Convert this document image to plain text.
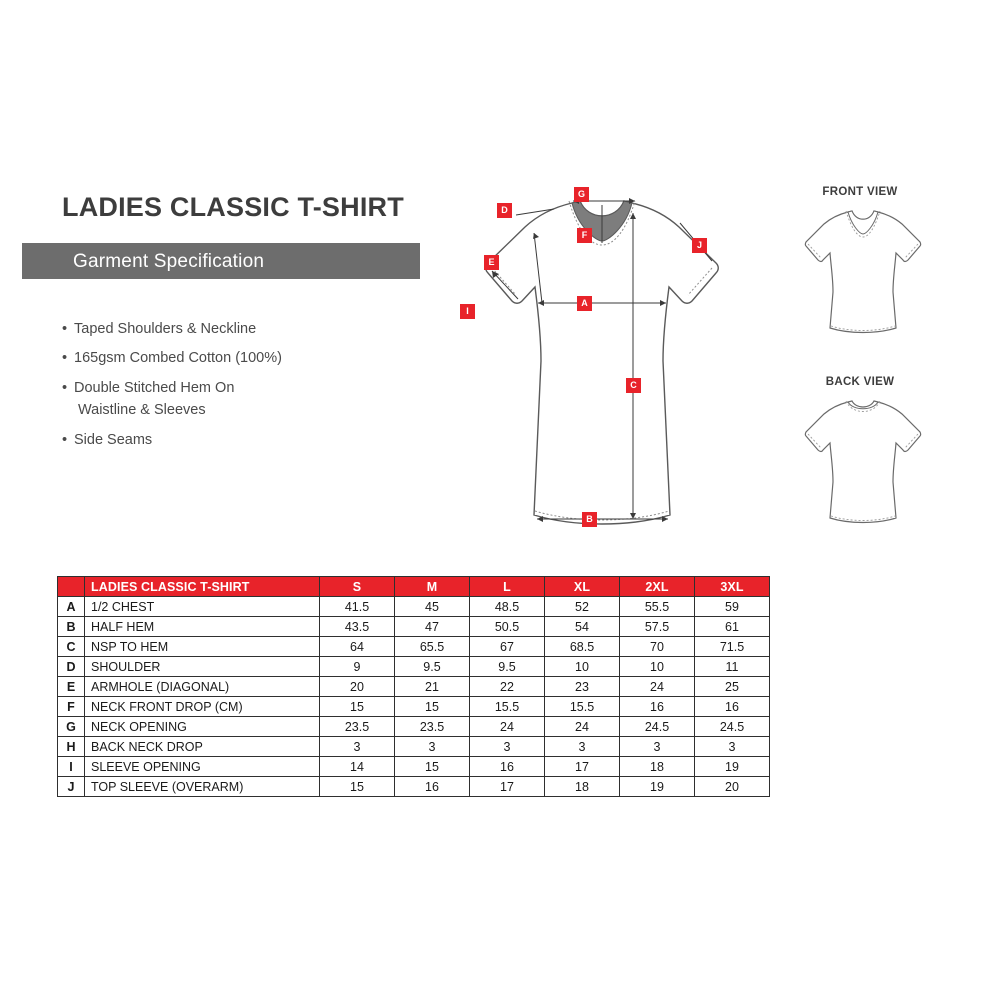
LADIES CLASSIC T-SHIRT
Garment Specification
• Taped Shoulders & Neckline
• 165gsm Combed Cotton (100%)
• Double Stitched Hem On
Waistline & Sleeves
• Side Seams
A
B
C
D
E
F
G
I
J
FRONT VIEW
BACK VIEW
	LADIES CLASSIC T-SHIRT	S	M	L	XL	2XL	3XL
A	1/2 CHEST	41.5	45	48.5	52	55.5	59
B	HALF HEM	43.5	47	50.5	54	57.5	61
C	NSP TO HEM	64	65.5	67	68.5	70	71.5
D	SHOULDER	9	9.5	9.5	10	10	11
E	ARMHOLE (DIAGONAL)	20	21	22	23	24	25
F	NECK FRONT DROP (CM)	15	15	15.5	15.5	16	16
G	NECK OPENING	23.5	23.5	24	24	24.5	24.5
H	BACK NECK DROP	3	3	3	3	3	3
I	SLEEVE OPENING	14	15	16	17	18	19
J	TOP SLEEVE (OVERARM)	15	16	17	18	19	20
